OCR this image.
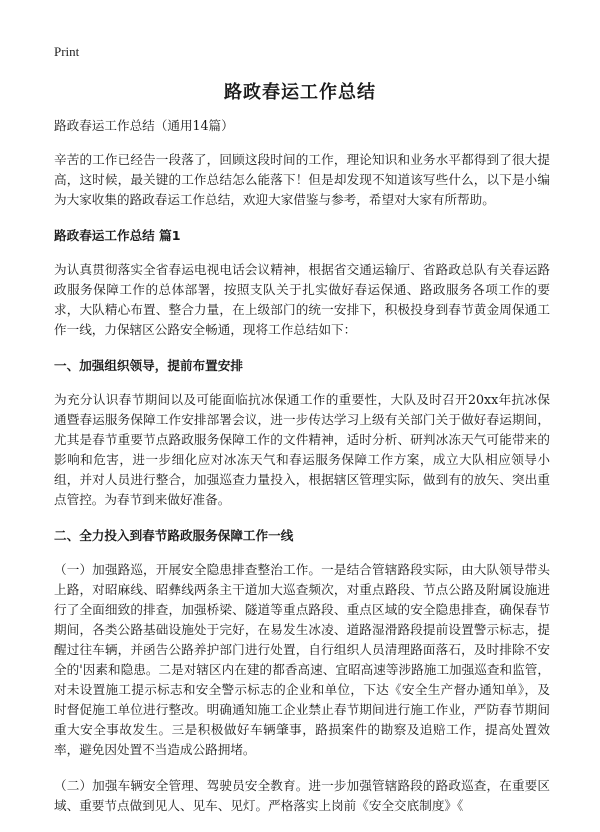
Print
路政春运工作总结

路政春运工作总结（通用14篇）

辛苦的工作已经告一段落了，回顾这段时间的工作，理论知识和业务水平都得到了很大提高，这时候，最关键的工作总结怎么能落下！但是却发现不知道该写些什么，以下是小编为大家收集的路政春运工作总结，欢迎大家借鉴与参考，希望对大家有所帮助。

路政春运工作总结 篇1

为认真贯彻落实全省春运电视电话会议精神，根据省交通运输厅、省路政总队有关春运路政服务保障工作的总体部署，按照支队关于扎实做好春运保通、路政服务各项工作的要求，大队精心布置、整合力量，在上级部门的统一安排下，积极投身到春节黄金周保通工作一线，力保辖区公路安全畅通，现将工作总结如下：

一、加强组织领导，提前布置安排

为充分认识春节期间以及可能面临抗冰保通工作的重要性，大队及时召开20xx年抗冰保通暨春运服务保障工作安排部署会议，进一步传达学习上级有关部门关于做好春运期间，尤其是春节重要节点路政服务保障工作的文件精神，适时分析、研判冰冻天气可能带来的影响和危害，进一步细化应对冰冻天气和春运服务保障工作方案，成立大队相应领导小组，并对人员进行整合，加强巡查力量投入，根据辖区管理实际，做到有的放矢、突出重点管控。为春节到来做好准备。

二、全力投入到春节路政服务保障工作一线

（一）加强路巡，开展安全隐患排查整治工作。一是结合管辖路段实际，由大队领导带头上路，对昭麻线、昭彝线两条主干道加大巡查频次，对重点路段、节点公路及附属设施进行了全面细致的排查，加强桥梁、隧道等重点路段、重点区域的安全隐患排查，确保春节期间，各类公路基础设施处于完好，在易发生冰凌、道路湿滑路段提前设置警示标志，提醒过往车辆，并函告公路养护部门进行处置，自行组织人员清理路面落石，及时排除不安全的'因素和隐患。二是对辖区内在建的都香高速、宜昭高速等涉路施工加强巡查和监管，对未设置施工提示标志和安全警示标志的企业和单位，下达《安全生产督办通知单》，及时督促施工单位进行整改。明确通知施工企业禁止春节期间进行施工作业，严防春节期间重大安全事故发生。三是积极做好车辆肇事，路损案件的勘察及追赔工作，提高处置效率，避免因处置不当造成公路拥堵。

（二）加强车辆安全管理、驾驶员安全教育。进一步加强管辖路段的路政巡查，在重要区域、重要节点做到见人、见车、见灯。严格落实上岗前《安全交底制度》《
